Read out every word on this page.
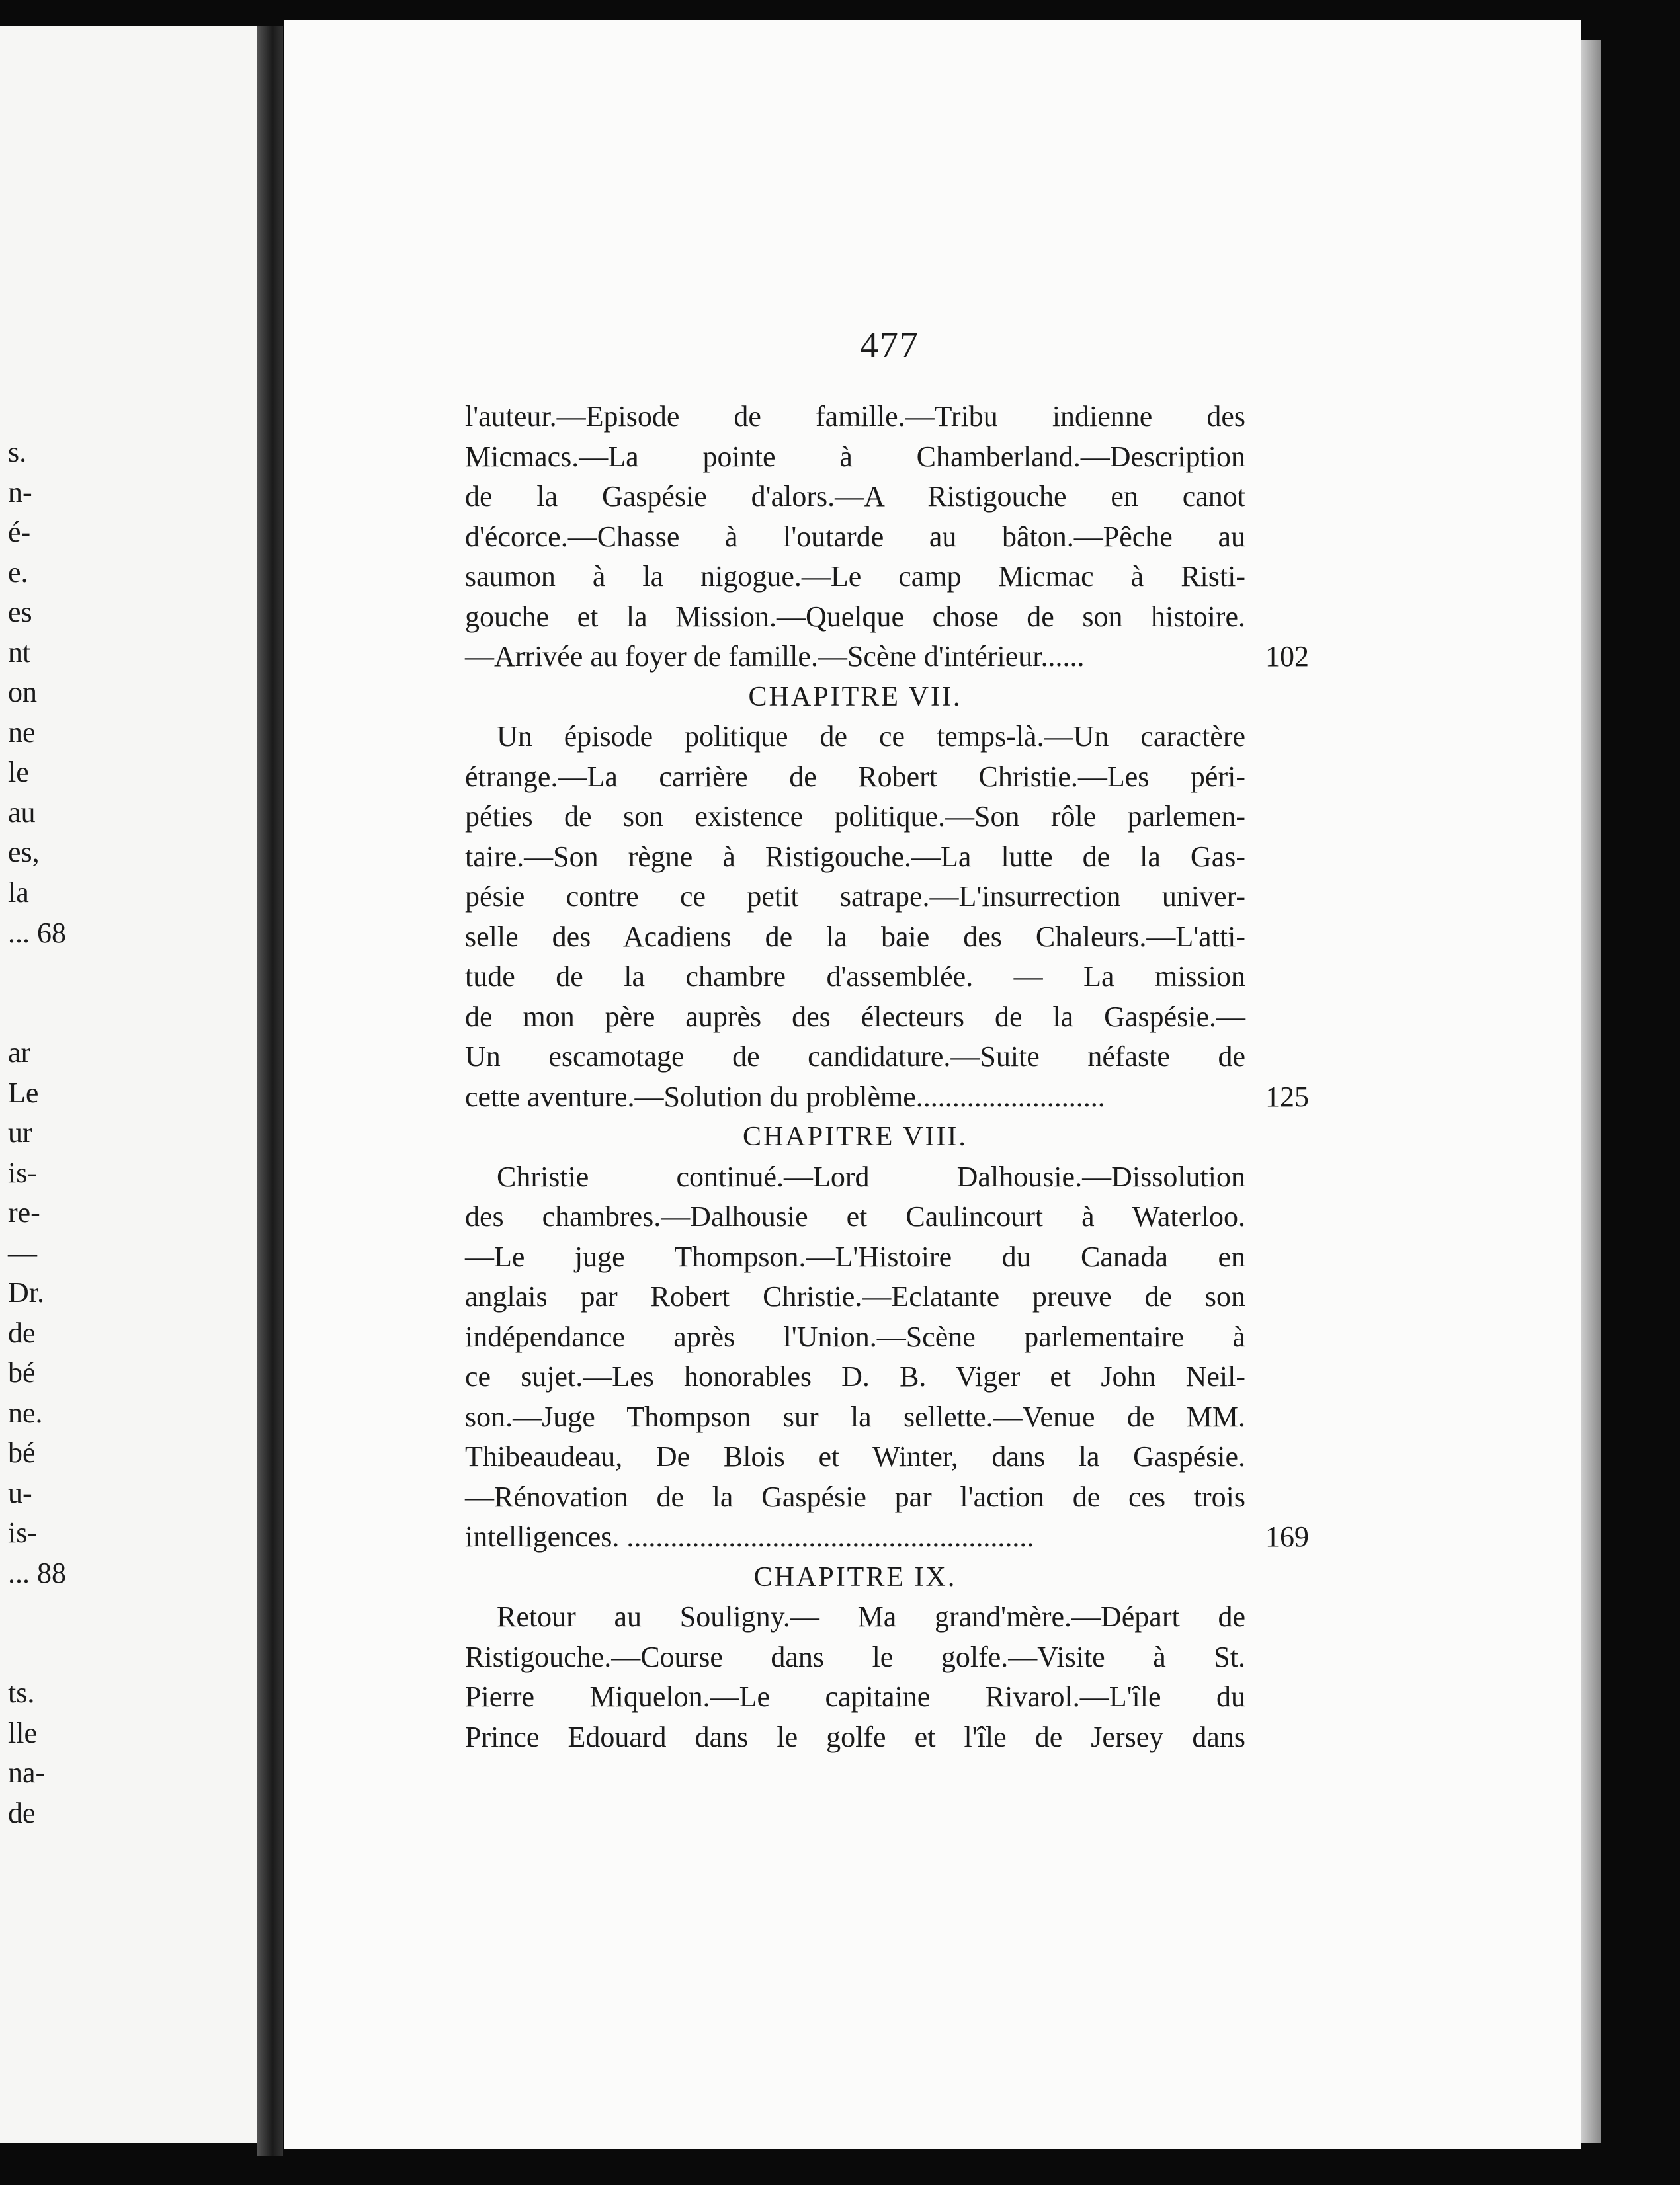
s.
n-
é-
e.
es
nt
on
ne
le
au
es,
la
... 68
ar
Le
ur
is-
re-
—
Dr.
de
bé
ne.
bé
u-
is-
... 88
ts.
lle
na-
de
477
l'auteur.—Episode de famille.—Tribu indienne des
Micmacs.—La pointe à Chamberland.—Description
de la Gaspésie d'alors.—A Ristigouche en canot
d'écorce.—Chasse à l'outarde au bâton.—Pêche au
saumon à la nigogue.—Le camp Micmac à Risti-
gouche et la Mission.—Quelque chose de son histoire.
—Arrivée au foyer de famille.—Scène d'intérieur......	102
CHAPITRE VII.
Un épisode politique de ce temps-là.—Un caractère
étrange.—La carrière de Robert Christie.—Les péri-
péties de son existence politique.—Son rôle parlemen-
taire.—Son règne à Ristigouche.—La lutte de la Gas-
pésie contre ce petit satrape.—L'insurrection univer-
selle des Acadiens de la baie des Chaleurs.—L'atti-
tude de la chambre d'assemblée. — La mission
de mon père auprès des électeurs de la Gaspésie.—
Un escamotage de candidature.—Suite néfaste de
cette aventure.—Solution du problème..........................	125
CHAPITRE VIII.
Christie continué.—Lord Dalhousie.—Dissolution
des chambres.—Dalhousie et Caulincourt à Waterloo.
—Le juge Thompson.—L'Histoire du Canada en
anglais par Robert Christie.—Eclatante preuve de son
indépendance après l'Union.—Scène parlementaire à
ce sujet.—Les honorables D. B. Viger et John Neil-
son.—Juge Thompson sur la sellette.—Venue de MM.
Thibeaudeau, De Blois et Winter, dans la Gaspésie.
—Rénovation de la Gaspésie par l'action de ces trois
intelligences. ........................................................	169
CHAPITRE IX.
Retour au Souligny.— Ma grand'mère.—Départ de
Ristigouche.—Course dans le golfe.—Visite à St.
Pierre Miquelon.—Le capitaine Rivarol.—L'île du
Prince Edouard dans le golfe et l'île de Jersey dans
